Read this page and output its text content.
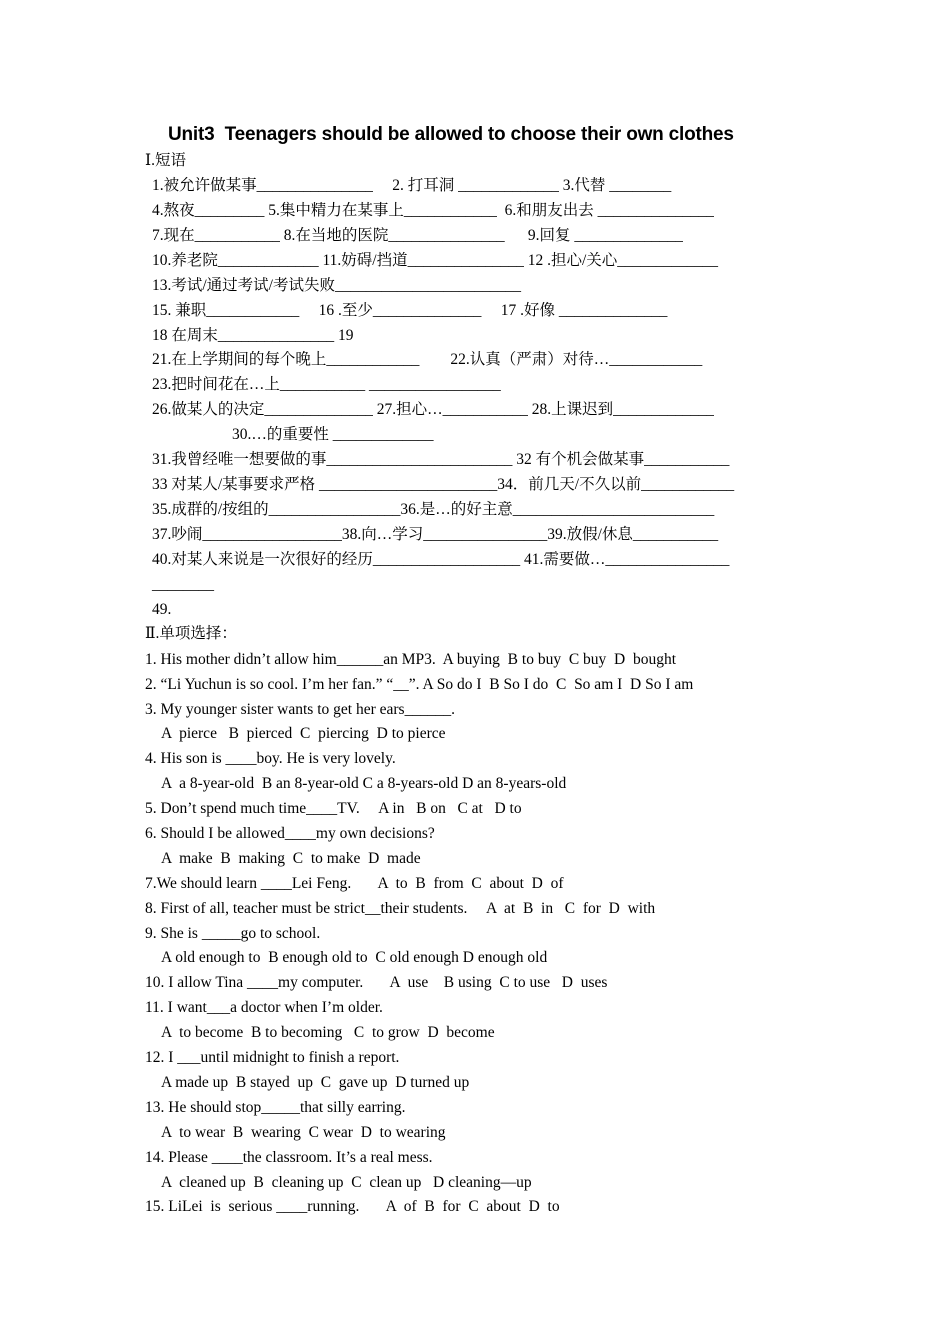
Unit3  Teenagers should be allowed to choose their own clothes
Ⅰ.短语
1.被允许做某事_______________     2. 打耳洞 _____________ 3.代替 ________
4.熬夜_________ 5.集中精力在某事上____________  6.和朋友出去 _______________
7.现在___________ 8.在当地的医院_______________      9.回复 ______________
10.养老院_____________ 11.妨碍/挡道_______________ 12 .担心/关心_____________
13.考试/通过考试/考试失败________________________
15. 兼职____________     16 .至少______________     17 .好像 ______________
18 在周末_______________ 19
21.在上学期间的每个晚上____________        22.认真（严肃）对待…____________
23.把时间花在…上___________ _________________
26.做某人的决定______________ 27.担心…___________ 28.上课迟到_____________
30.…的重要性 _____________
31.我曾经唯一想要做的事________________________ 32 有个机会做某事___________
33 对某人/某事要求严格 _______________________34．前几天/不久以前____________
35.成群的/按组的_________________36.是…的好主意__________________________
37.吵闹__________________38.向…学习________________39.放假/休息___________
40.对某人来说是一次很好的经历___________________ 41.需要做…________________
________
49.
Ⅱ.单项选择：
1. His mother didn’t allow him______an MP3.  A buying  B to buy  C buy  D  bought
2. “Li Yuchun is so cool. I’m her fan.” “__”. A So do I  B So I do  C  So am I  D So I am
3. My younger sister wants to get her ears______.
A  pierce   B  pierced  C  piercing  D to pierce
4. His son is ____boy. He is very lovely.
A  a 8-year-old  B an 8-year-old C a 8-years-old D an 8-years-old
5. Don’t spend much time____TV.     A in   B on   C at   D to
6. Should I be allowed____my own decisions?
A  make  B  making  C  to make  D  made
7.We should learn ____Lei Feng.       A  to  B  from  C  about  D  of
8. First of all, teacher must be strict__their students.     A  at  B  in   C  for  D  with
9. She is _____go to school.
A old enough to  B enough old to  C old enough D enough old
10. I allow Tina ____my computer.       A  use    B using  C to use   D  uses
11. I want___a doctor when I’m older.
A  to become  B to becoming   C  to grow  D  become
12. I ___until midnight to finish a report.
A made up  B stayed  up  C  gave up  D turned up
13. He should stop_____that silly earring.
A  to wear  B  wearing  C wear  D  to wearing
14. Please ____the classroom. It’s a real mess.
A  cleaned up  B  cleaning up  C  clean up   D cleaning—up
15. LiLei  is  serious ____running.       A  of  B  for  C  about  D  to
